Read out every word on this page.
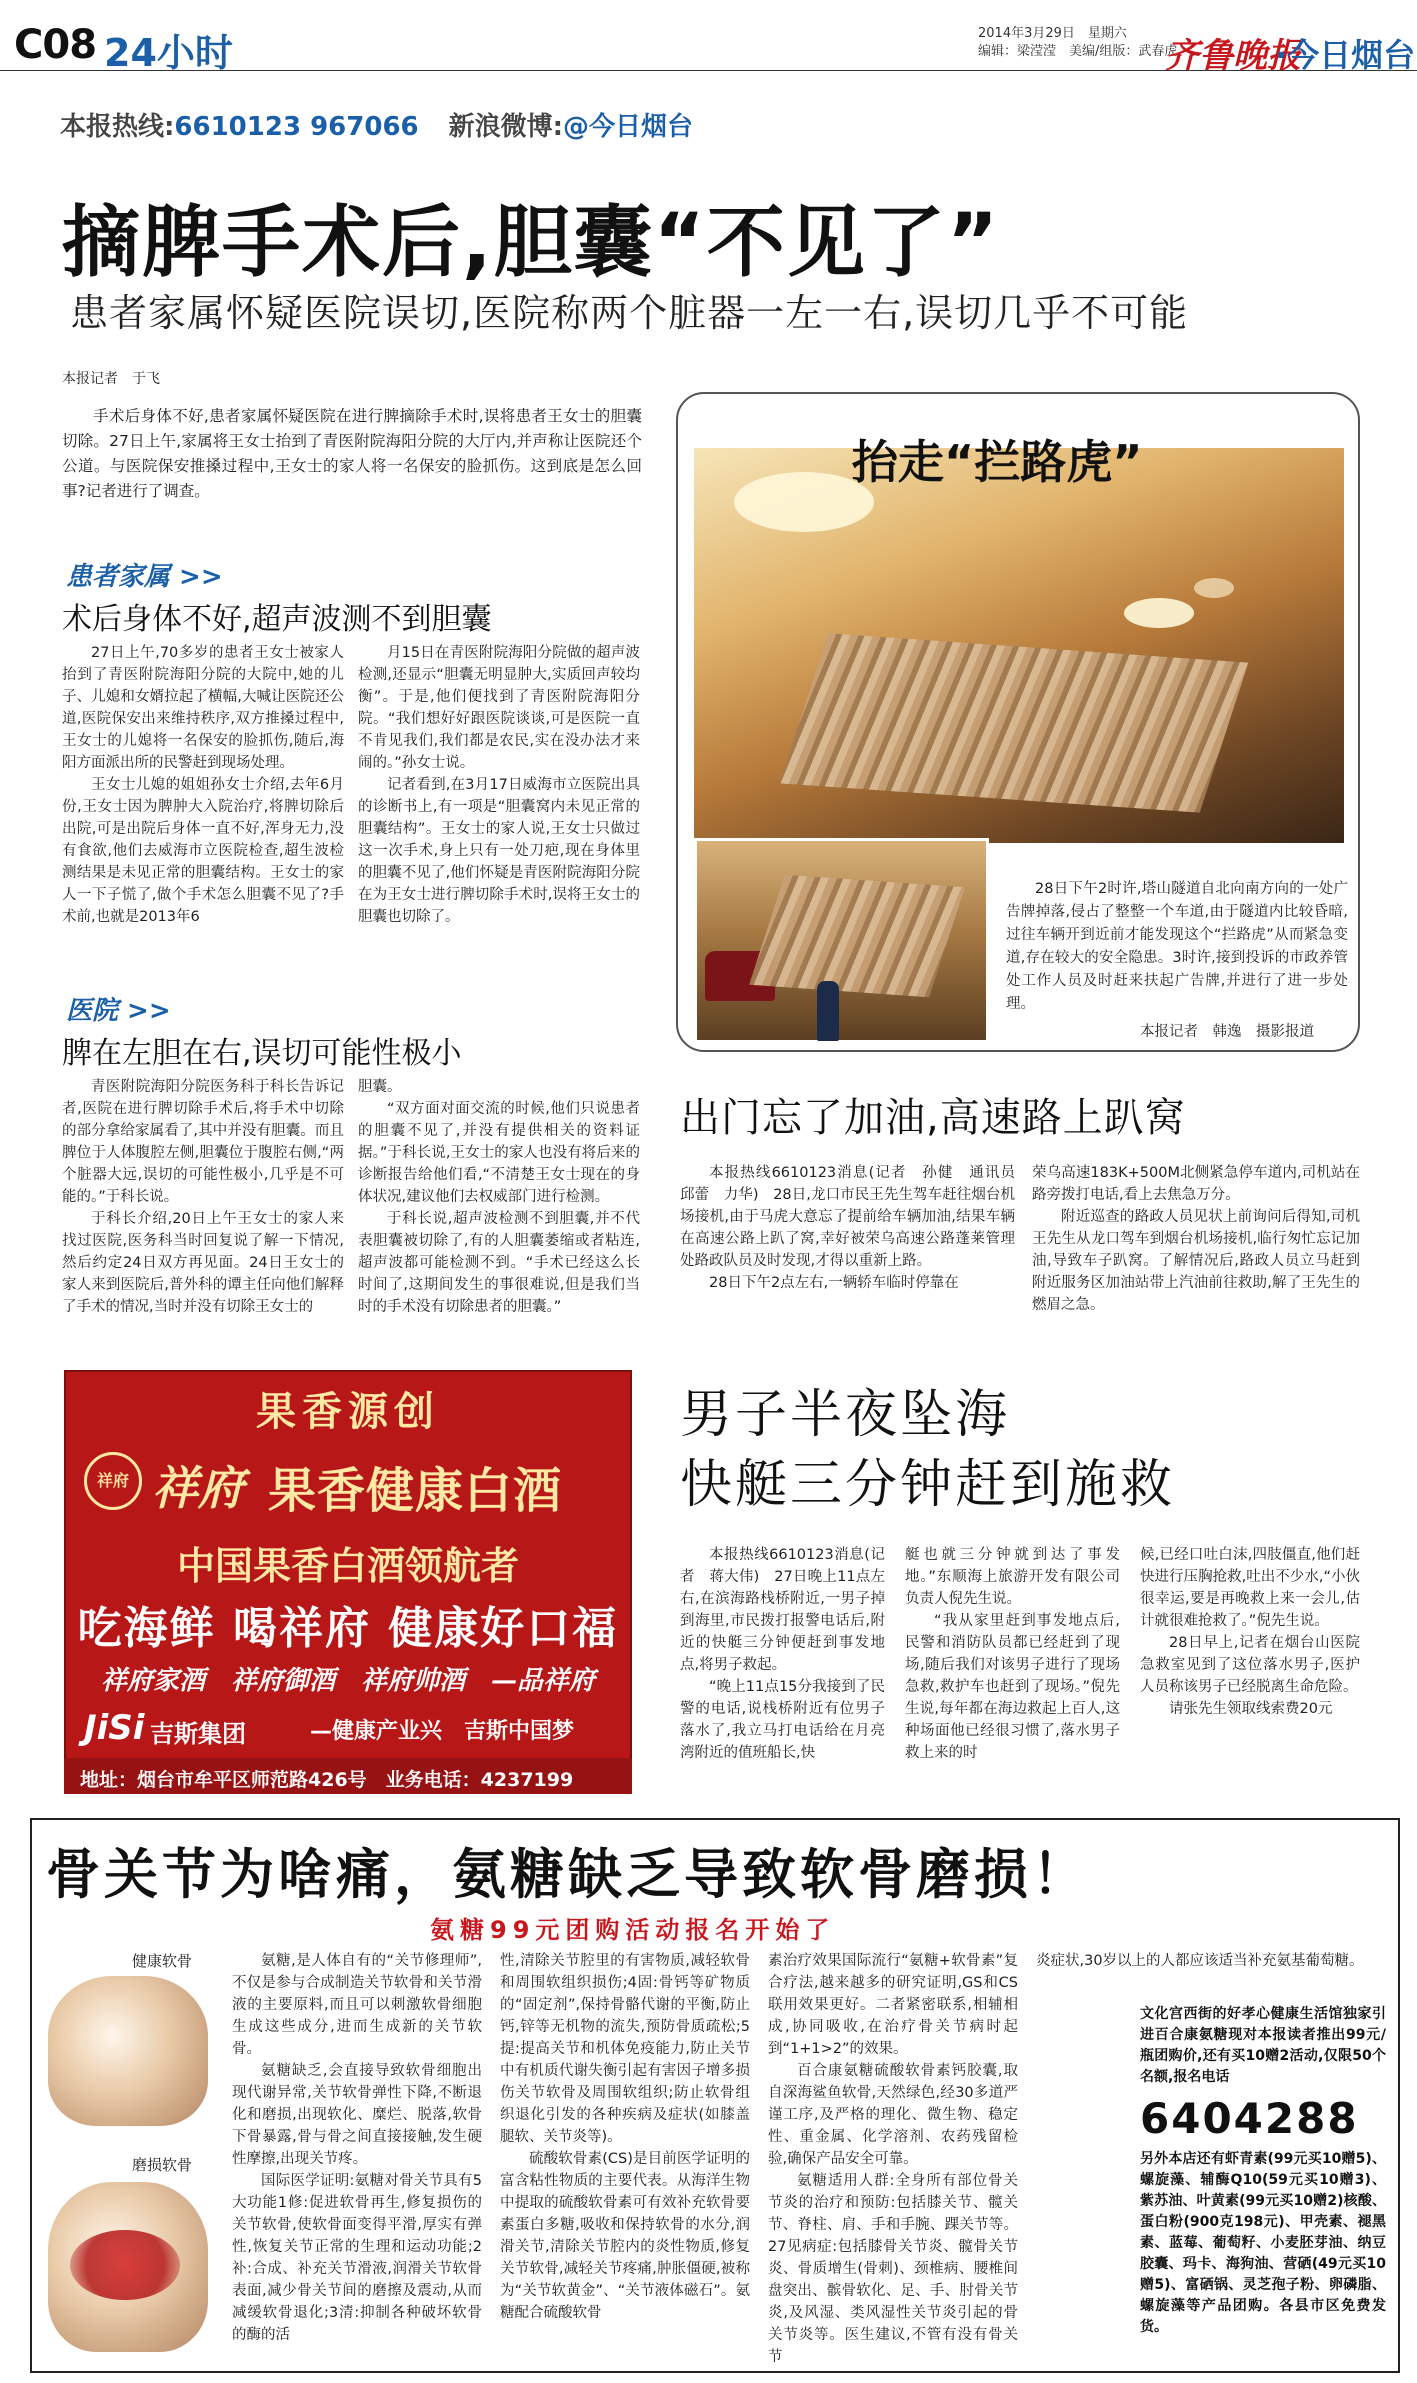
C08 24小时	2014年3月29日　星期六
编辑：梁滢滢　美编/组版：武春虎
齐鲁晚报
·今日烟台
本报热线:6610123 967066 新浪微博:@今日烟台
摘脾手术后,胆囊“不见了”
患者家属怀疑医院误切,医院称两个脏器一左一右,误切几乎不可能
本报记者　于飞

手术后身体不好,患者家属怀疑医院在进行脾摘除手术时,误将患者王女士的胆囊切除。27日上午,家属将王女士抬到了青医附院海阳分院的大厅内,并声称让医院还个公道。与医院保安推搡过程中,王女士的家人将一名保安的脸抓伤。这到底是怎么回事?记者进行了调查。

患者家属 >>
术后身体不好,超声波测不到胆囊

27日上午,70多岁的患者王女士被家人抬到了青医附院海阳分院的大院中,她的儿子、儿媳和女婿拉起了横幅,大喊让医院还公道,医院保安出来维持秩序,双方推搡过程中,王女士的儿媳将一名保安的脸抓伤,随后,海阳方面派出所的民警赶到现场处理。

王女士儿媳的姐姐孙女士介绍,去年6月份,王女士因为脾肿大入院治疗,将脾切除后出院,可是出院后身体一直不好,浑身无力,没有食欲,他们去威海市立医院检查,超生波检测结果是未见正常的胆囊结构。王女士的家人一下子慌了,做个手术怎么胆囊不见了?手术前,也就是2013年6

月15日在青医附院海阳分院做的超声波检测,还显示“胆囊无明显肿大,实质回声较均衡”。于是,他们便找到了青医附院海阳分院。“我们想好好跟医院谈谈,可是医院一直不肯见我们,我们都是农民,实在没办法才来闹的。”孙女士说。

记者看到,在3月17日威海市立医院出具的诊断书上,有一项是“胆囊窝内未见正常的胆囊结构”。王女士的家人说,王女士只做过这一次手术,身上只有一处刀疤,现在身体里的胆囊不见了,他们怀疑是青医附院海阳分院在为王女士进行脾切除手术时,误将王女士的胆囊也切除了。

医院 >>
脾在左胆在右,误切可能性极小

青医附院海阳分院医务科于科长告诉记者,医院在进行脾切除手术后,将手术中切除的部分拿给家属看了,其中并没有胆囊。而且脾位于人体腹腔左侧,胆囊位于腹腔右侧,“两个脏器大远,误切的可能性极小,几乎是不可能的。”于科长说。

于科长介绍,20日上午王女士的家人来找过医院,医务科当时回复说了解一下情况,然后约定24日双方再见面。24日王女士的家人来到医院后,普外科的谭主任向他们解释了手术的情况,当时并没有切除王女士的

胆囊。

“双方面对面交流的时候,他们只说患者的胆囊不见了,并没有提供相关的资料证据。”于科长说,王女士的家人也没有将后来的诊断报告给他们看,“不清楚王女士现在的身体状况,建议他们去权威部门进行检测。

于科长说,超声波检测不到胆囊,并不代表胆囊被切除了,有的人胆囊萎缩或者粘连,超声波都可能检测不到。“手术已经这么长时间了,这期间发生的事很难说,但是我们当时的手术没有切除患者的胆囊。”

抬走“拦路虎”

28日下午2时许,塔山隧道自北向南方向的一处广告牌掉落,侵占了整整一个车道,由于隧道内比较昏暗,过往车辆开到近前才能发现这个“拦路虎”从而紧急变道,存在较大的安全隐患。3时许,接到投诉的市政养管处工作人员及时赶来扶起广告牌,并进行了进一步处理。

本报记者　韩逸　摄影报道
出门忘了加油,高速路上趴窝

本报热线6610123消息(记者　孙健　通讯员　邱蕾　力华)　28日,龙口市民王先生驾车赶往烟台机场接机,由于马虎大意忘了提前给车辆加油,结果车辆在高速公路上趴了窝,幸好被荣乌高速公路蓬莱管理处路政队员及时发现,才得以重新上路。

28日下午2点左右,一辆轿车临时停靠在

荣乌高速183K+500M北侧紧急停车道内,司机站在路旁拨打电话,看上去焦急万分。

附近巡查的路政人员见状上前询问后得知,司机王先生从龙口驾车到烟台机场接机,临行匆忙忘记加油,导致车子趴窝。了解情况后,路政人员立马赶到附近服务区加油站带上汽油前往救助,解了王先生的燃眉之急。

男子半夜坠海
快艇三分钟赶到施救

本报热线6610123消息(记者　蒋大伟)　27日晚上11点左右,在滨海路栈桥附近,一男子掉到海里,市民拨打报警电话后,附近的快艇三分钟便赶到事发地点,将男子救起。

“晚上11点15分我接到了民警的电话,说栈桥附近有位男子落水了,我立马打电话给在月亮湾附近的值班船长,快

艇也就三分钟就到达了事发地。”东顺海上旅游开发有限公司负责人倪先生说。

“我从家里赶到事发地点后,民警和消防队员都已经赶到了现场,随后我们对该男子进行了现场急救,救护车也赶到了现场。”倪先生说,每年都在海边救起上百人,这种场面他已经很习惯了,落水男子救上来的时

候,已经口吐白沫,四肢僵直,他们赶快进行压胸抢救,吐出不少水,“小伙很幸运,要是再晚救上来一会儿,估计就很难抢救了。”倪先生说。

28日早上,记者在烟台山医院急救室见到了这位落水男子,医护人员称该男子已经脱离生命危险。

请张先生领取线索费20元

果香源创
祥府 祥府 果香健康白酒
中国果香白酒领航者
吃海鲜 喝祥府 健康好口福
祥府家酒　祥府御酒　祥府帅酒　—品祥府
JiSi 吉斯集团	—健康产业兴　吉斯中国梦
地址：烟台市牟平区师范路426号　业务电话：4237199
骨关节为啥痛，氨糖缺乏导致软骨磨损！
氨糖99元团购活动报名开始了
健康软骨
磨损软骨

氨糖,是人体自有的“关节修理师”,不仅是参与合成制造关节软骨和关节滑液的主要原料,而且可以刺激软骨细胞生成这些成分,进而生成新的关节软骨。

氨糖缺乏,会直接导致软骨细胞出现代谢异常,关节软骨弹性下降,不断退化和磨损,出现软化、糜烂、脱落,软骨下骨暴露,骨与骨之间直接接触,发生硬性摩擦,出现关节疼。

国际医学证明:氨糖对骨关节具有5大功能1修:促进软骨再生,修复损伤的关节软骨,使软骨面变得平滑,厚实有弹性,恢复关节正常的生理和运动功能;2补:合成、补充关节滑液,润滑关节软骨表面,减少骨关节间的磨擦及震动,从而减缓软骨退化;3清:抑制各种破坏软骨的酶的活

性,清除关节腔里的有害物质,减轻软骨和周围软组织损伤;4固:骨钙等矿物质的“固定剂”,保持骨骼代谢的平衡,防止钙,锌等无机物的流失,预防骨质疏松;5提:提高关节和机体免疫能力,防止关节中有机质代谢失衡引起有害因子增多损伤关节软骨及周围软组织;防止软骨组织退化引发的各种疾病及症状(如膝盖腿软、关节炎等)。

硫酸软骨素(CS)是目前医学证明的富含粘性物质的主要代表。从海洋生物中提取的硫酸软骨素可有效补充软骨要素蛋白多糖,吸收和保持软骨的水分,润滑关节,清除关节腔内的炎性物质,修复关节软骨,减轻关节疼痛,肿胀僵硬,被称为“关节软黄金”、“关节液体磁石”。氨糖配合硫酸软骨

素治疗效果国际流行“氨糖+软骨素”复合疗法,越来越多的研究证明,GS和CS联用效果更好。二者紧密联系,相辅相成,协同吸收,在治疗骨关节病时起到“1+1>2”的效果。

百合康氨糖硫酸软骨素钙胶囊,取自深海鲨鱼软骨,天然绿色,经30多道严谨工序,及严格的理化、微生物、稳定性、重金属、化学溶剂、农药残留检验,确保产品安全可靠。

氨糖适用人群:全身所有部位骨关节炎的治疗和预防:包括膝关节、髋关节、脊柱、肩、手和手腕、踝关节等。27见病症:包括膝骨关节炎、髋骨关节炎、骨质增生(骨刺)、颈椎病、腰椎间盘突出、髌骨软化、足、手、肘骨关节炎,及风湿、类风湿性关节炎引起的骨关节炎等。医生建议,不管有没有骨关节

炎症状,30岁以上的人都应该适当补充氨基葡萄糖。

文化宫西街的好孝心健康生活馆独家引进百合康氨糖现对本报读者推出99元/瓶团购价,还有买10赠2活动,仅限50个名额,报名电话

6404288

另外本店还有虾青素(99元买10赠5)、螺旋藻、辅酶Q10(59元买10赠3)、紫苏油、叶黄素(99元买10赠2)核酸、蛋白粉(900克198元)、甲壳素、褪黑素、蓝莓、葡萄籽、小麦胚芽油、纳豆胶囊、玛卡、海狗油、营硒(49元买10赠5)、富硒锅、灵芝孢子粉、卵磷脂、螺旋藻等产品团购。各县市区免费发货。
